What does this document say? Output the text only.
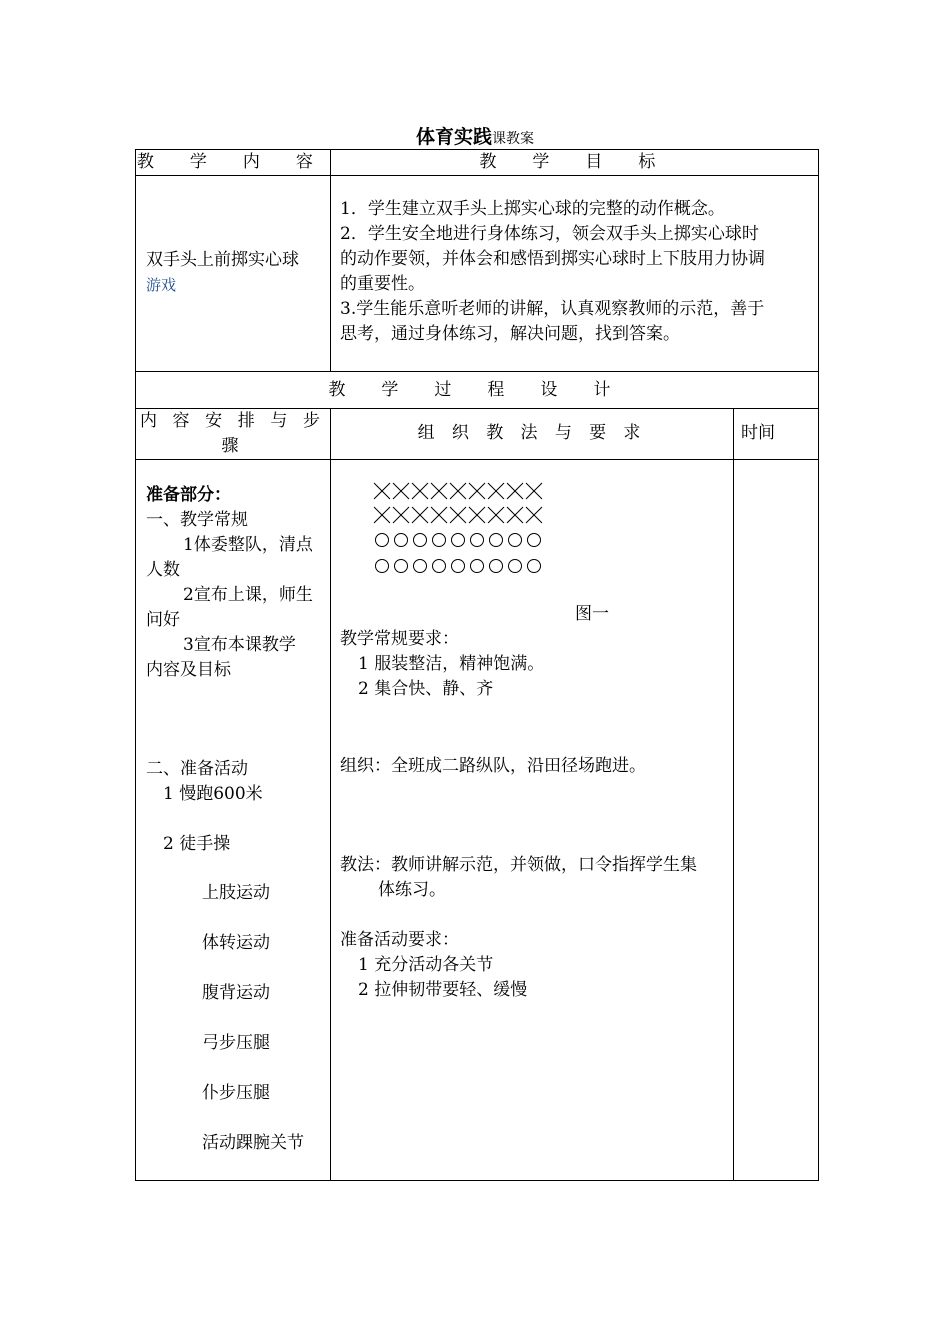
体育实践课教案
教 学 内 容	教 学 目 标
双手头上前掷实心球
游戏
1．学生建立双手头上掷实心球的完整的动作概念。
2．学生安全地进行身体练习，领会双手头上掷实心球时
的动作要领，并体会和感悟到掷实心球时上下肢用力协调
的重要性。
3.学生能乐意听老师的讲解，认真观察教师的示范，善于
思考，通过身体练习，解决问题，找到答案。
教 学 过 程 设 计
内 容 安 排 与 步
骤
组 织 教 法 与 要 求	时间
准备部分：
一、教学常规
1体委整队，清点
人数
2宣布上课，师生
问好
3宣布本课教学
内容及目标
二、准备活动
1 慢跑600米
2 徒手操
上肢运动
体转运动
腹背运动
弓步压腿
仆步压腿
活动踝腕关节
图一
教学常规要求：
1 服装整洁，精神饱满。
2 集合快、静、齐
组织：全班成二路纵队，沿田径场跑进。
教法：教师讲解示范，并领做，口令指挥学生集
体练习。
准备活动要求：
1 充分活动各关节
2 拉伸韧带要轻、缓慢
